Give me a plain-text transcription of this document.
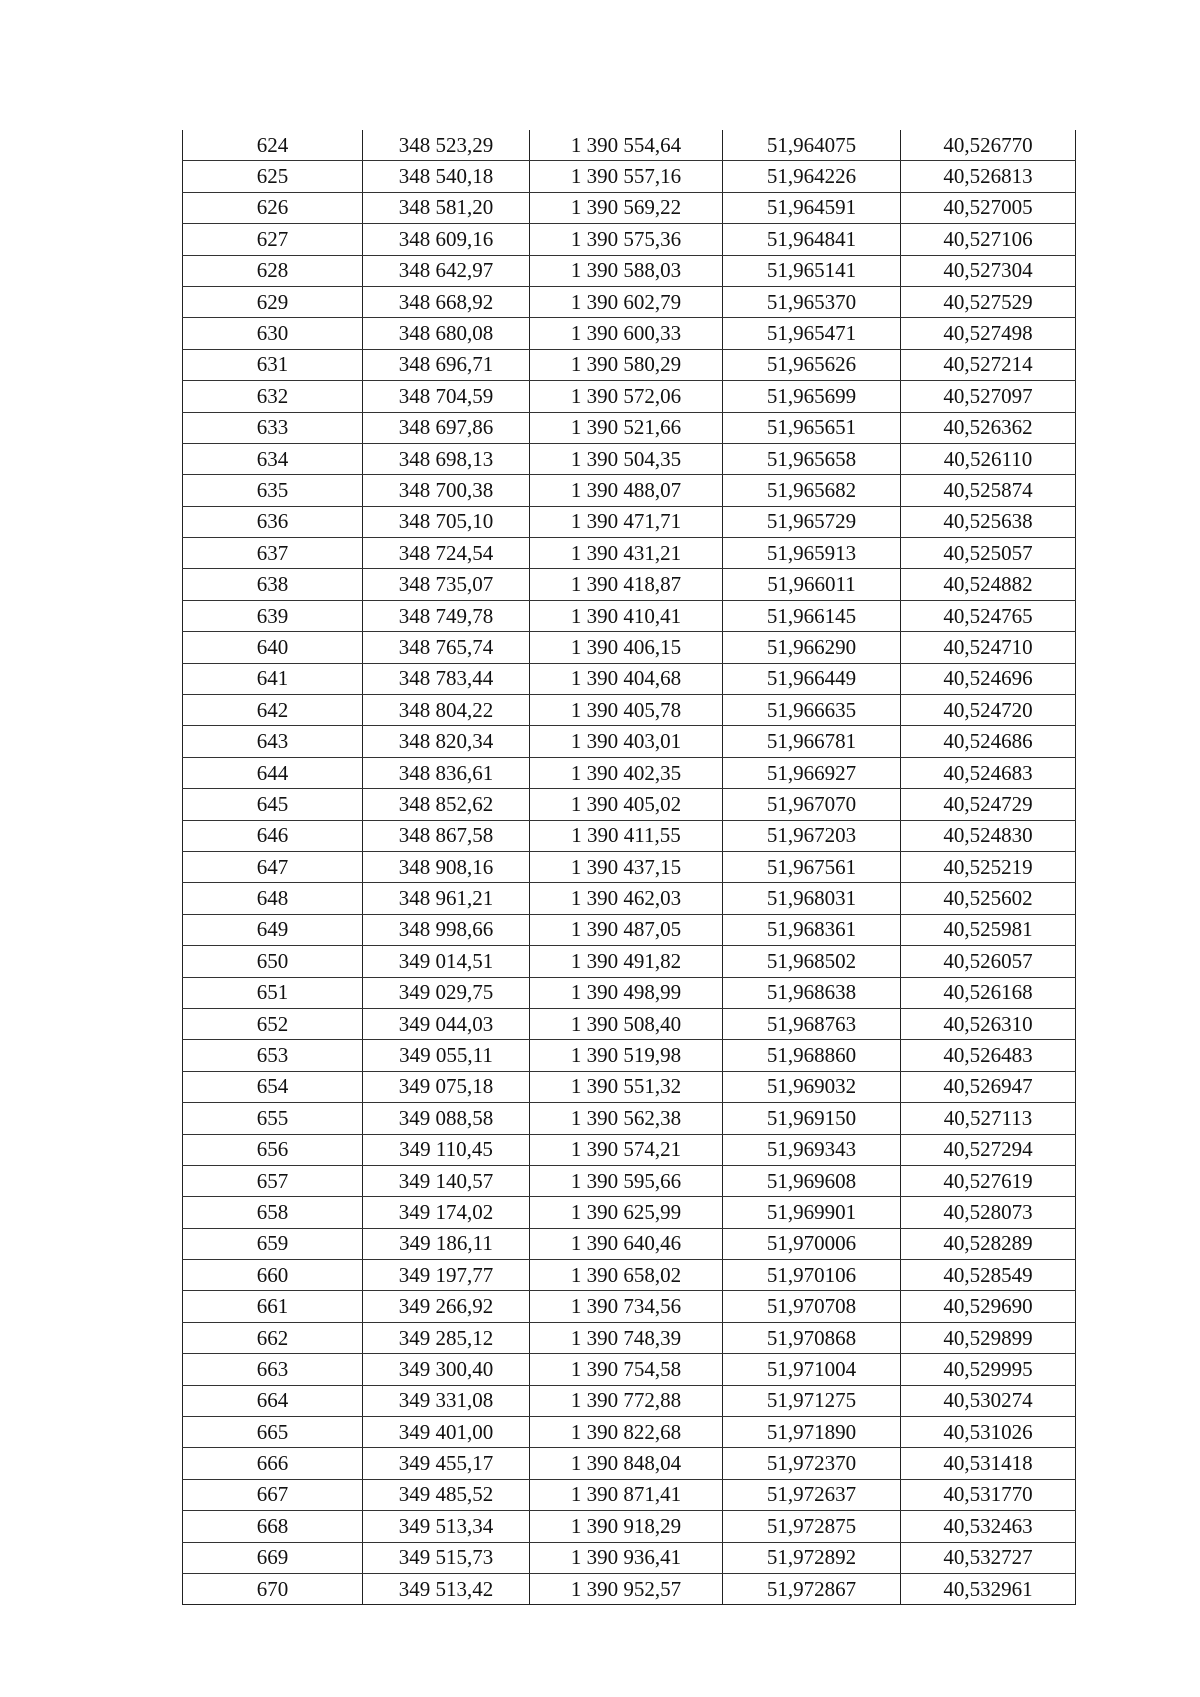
624	348 523,29	1 390 554,64	51,964075	40,526770
625	348 540,18	1 390 557,16	51,964226	40,526813
626	348 581,20	1 390 569,22	51,964591	40,527005
627	348 609,16	1 390 575,36	51,964841	40,527106
628	348 642,97	1 390 588,03	51,965141	40,527304
629	348 668,92	1 390 602,79	51,965370	40,527529
630	348 680,08	1 390 600,33	51,965471	40,527498
631	348 696,71	1 390 580,29	51,965626	40,527214
632	348 704,59	1 390 572,06	51,965699	40,527097
633	348 697,86	1 390 521,66	51,965651	40,526362
634	348 698,13	1 390 504,35	51,965658	40,526110
635	348 700,38	1 390 488,07	51,965682	40,525874
636	348 705,10	1 390 471,71	51,965729	40,525638
637	348 724,54	1 390 431,21	51,965913	40,525057
638	348 735,07	1 390 418,87	51,966011	40,524882
639	348 749,78	1 390 410,41	51,966145	40,524765
640	348 765,74	1 390 406,15	51,966290	40,524710
641	348 783,44	1 390 404,68	51,966449	40,524696
642	348 804,22	1 390 405,78	51,966635	40,524720
643	348 820,34	1 390 403,01	51,966781	40,524686
644	348 836,61	1 390 402,35	51,966927	40,524683
645	348 852,62	1 390 405,02	51,967070	40,524729
646	348 867,58	1 390 411,55	51,967203	40,524830
647	348 908,16	1 390 437,15	51,967561	40,525219
648	348 961,21	1 390 462,03	51,968031	40,525602
649	348 998,66	1 390 487,05	51,968361	40,525981
650	349 014,51	1 390 491,82	51,968502	40,526057
651	349 029,75	1 390 498,99	51,968638	40,526168
652	349 044,03	1 390 508,40	51,968763	40,526310
653	349 055,11	1 390 519,98	51,968860	40,526483
654	349 075,18	1 390 551,32	51,969032	40,526947
655	349 088,58	1 390 562,38	51,969150	40,527113
656	349 110,45	1 390 574,21	51,969343	40,527294
657	349 140,57	1 390 595,66	51,969608	40,527619
658	349 174,02	1 390 625,99	51,969901	40,528073
659	349 186,11	1 390 640,46	51,970006	40,528289
660	349 197,77	1 390 658,02	51,970106	40,528549
661	349 266,92	1 390 734,56	51,970708	40,529690
662	349 285,12	1 390 748,39	51,970868	40,529899
663	349 300,40	1 390 754,58	51,971004	40,529995
664	349 331,08	1 390 772,88	51,971275	40,530274
665	349 401,00	1 390 822,68	51,971890	40,531026
666	349 455,17	1 390 848,04	51,972370	40,531418
667	349 485,52	1 390 871,41	51,972637	40,531770
668	349 513,34	1 390 918,29	51,972875	40,532463
669	349 515,73	1 390 936,41	51,972892	40,532727
670	349 513,42	1 390 952,57	51,972867	40,532961
